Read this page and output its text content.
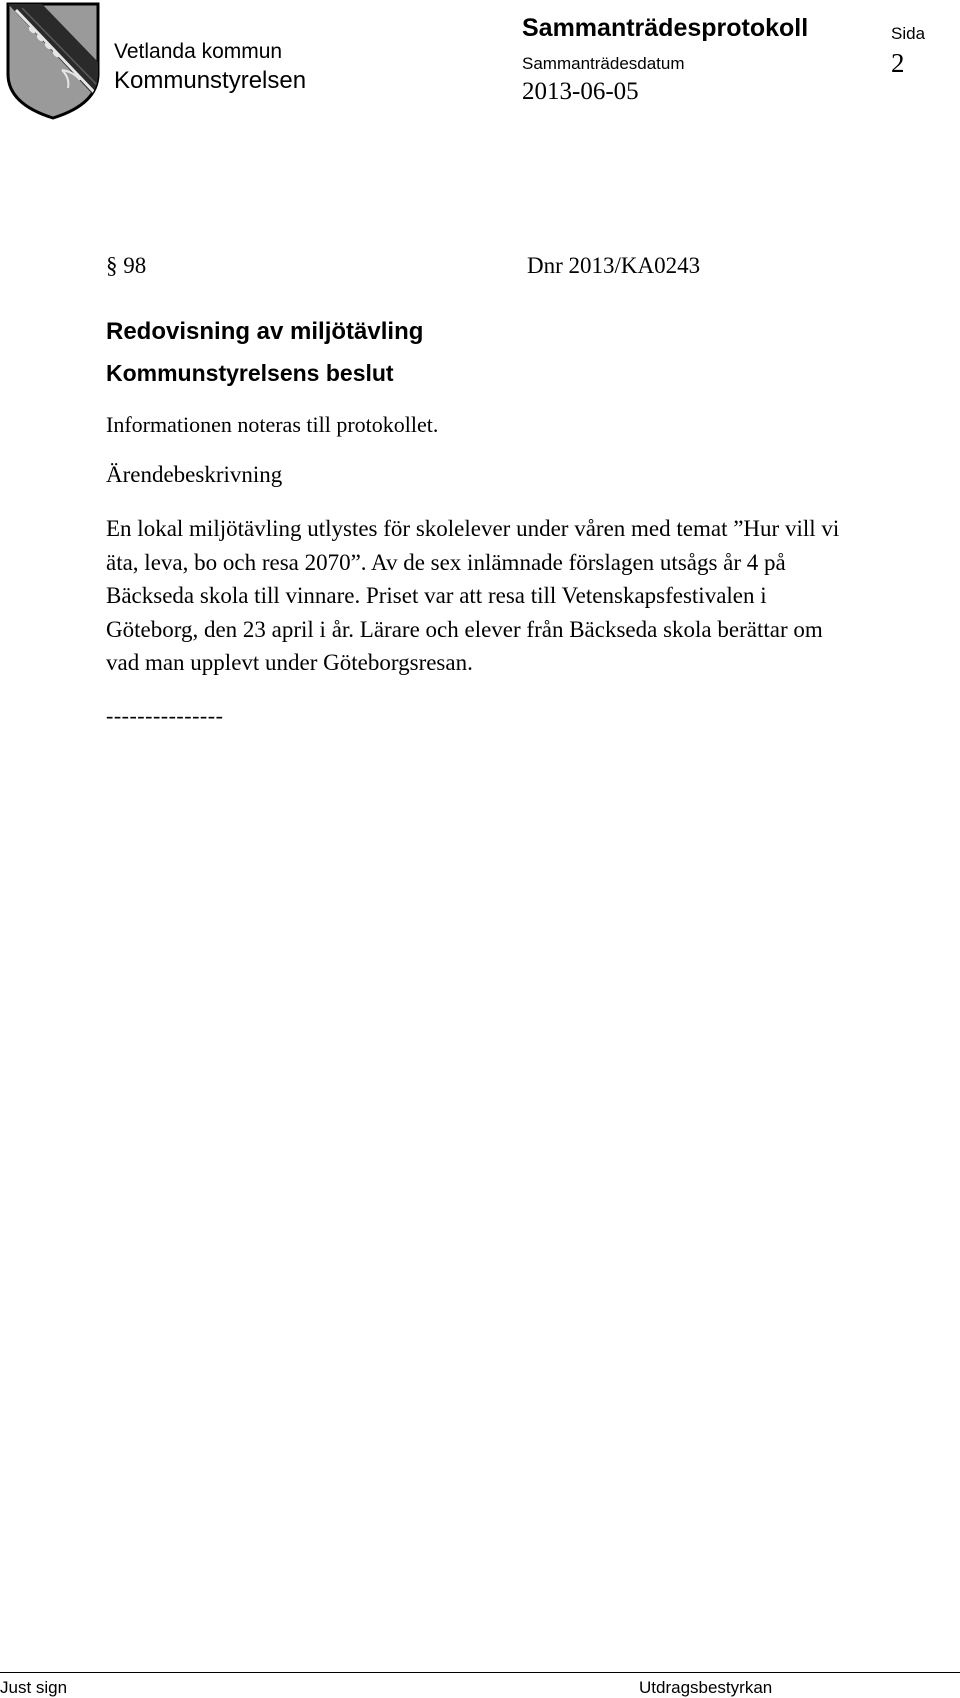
Vetlanda kommun
Kommunstyrelsen
Sammanträdesprotokoll
Sammanträdesdatum
2013-06-05
Sida
2
§ 98	Dnr 2013/KA0243
Redovisning av miljötävling
Kommunstyrelsens beslut
Informationen noteras till protokollet.
Ärendebeskrivning
En lokal miljötävling utlystes för skolelever under våren med temat ”Hur vill vi
äta, leva, bo och resa 2070”. Av de sex inlämnade förslagen utsågs år 4 på
Bäckseda skola till vinnare. Priset var att resa till Vetenskapsfestivalen i
Göteborg, den 23 april i år. Lärare och elever från Bäckseda skola berättar om
vad man upplevt under Göteborgsresan.
---------------
Just sign	Utdragsbestyrkan
